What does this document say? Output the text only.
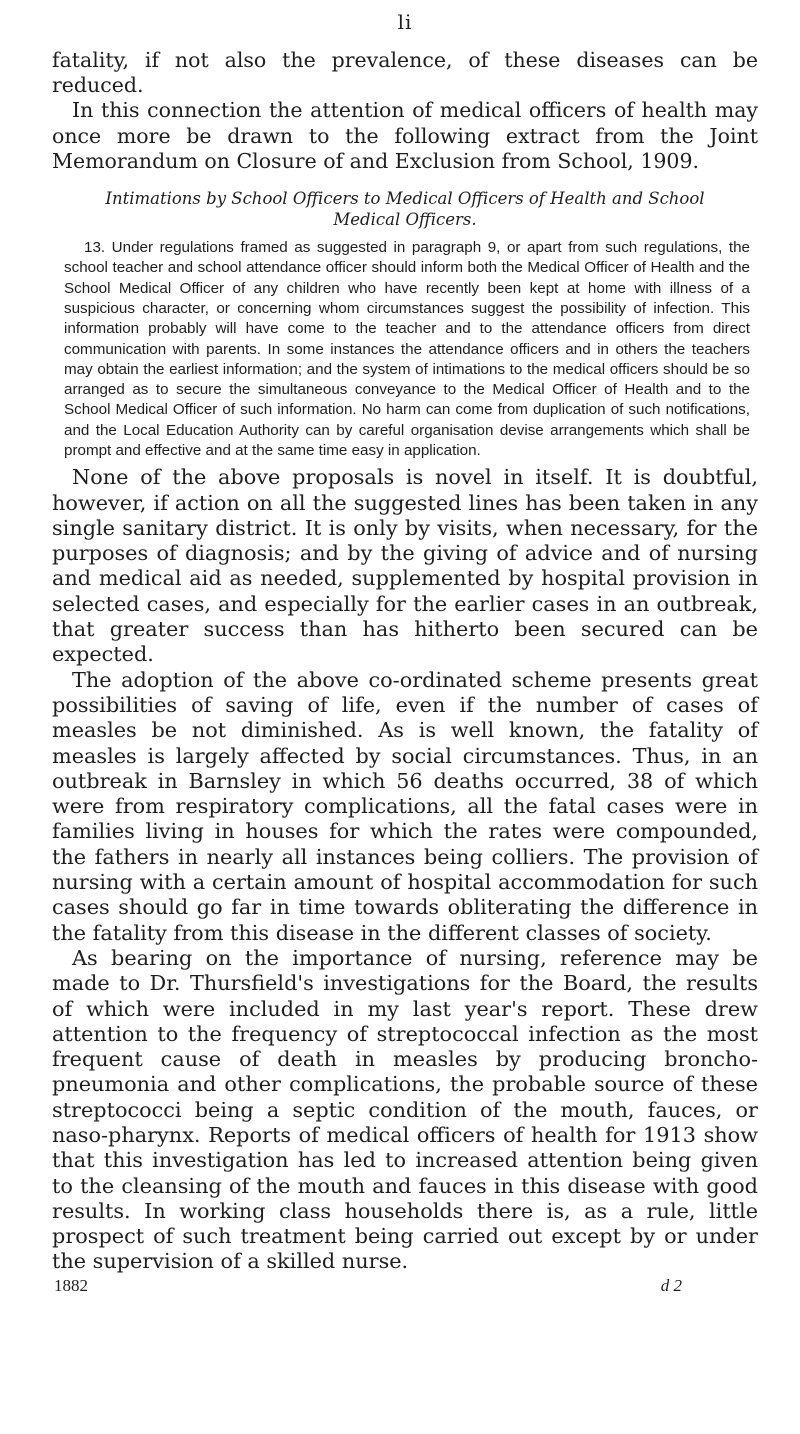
li

fatality, if not also the prevalence, of these diseases can be reduced.

In this connection the attention of medical officers of health may once more be drawn to the following extract from the Joint Memorandum on Closure of and Exclusion from School, 1909.

Intimations by School Officers to Medical Officers of Health and School Medical Officers.

13. Under regulations framed as suggested in paragraph 9, or apart from such regulations, the school teacher and school attendance officer should inform both the Medical Officer of Health and the School Medical Officer of any children who have recently been kept at home with illness of a suspicious character, or concerning whom circumstances suggest the possibility of infection. This information probably will have come to the teacher and to the attendance officers from direct communication with parents. In some instances the attendance officers and in others the teachers may obtain the earliest information; and the system of intimations to the medical officers should be so arranged as to secure the simultaneous conveyance to the Medical Officer of Health and to the School Medical Officer of such information. No harm can come from duplication of such notifications, and the Local Education Authority can by careful organisation devise arrangements which shall be prompt and effective and at the same time easy in application.

None of the above proposals is novel in itself. It is doubtful, however, if action on all the suggested lines has been taken in any single sanitary district. It is only by visits, when necessary, for the purposes of diagnosis; and by the giving of advice and of nursing and medical aid as needed, supplemented by hospital provision in selected cases, and especially for the earlier cases in an outbreak, that greater success than has hitherto been secured can be expected.

The adoption of the above co-ordinated scheme presents great possibilities of saving of life, even if the number of cases of measles be not diminished. As is well known, the fatality of measles is largely affected by social circumstances. Thus, in an outbreak in Barnsley in which 56 deaths occurred, 38 of which were from respiratory complications, all the fatal cases were in families living in houses for which the rates were compounded, the fathers in nearly all instances being colliers. The provision of nursing with a certain amount of hospital accommodation for such cases should go far in time towards obliterating the difference in the fatality from this disease in the different classes of society.

As bearing on the importance of nursing, reference may be made to Dr. Thursfield's investigations for the Board, the results of which were included in my last year's report. These drew attention to the frequency of streptococcal infection as the most frequent cause of death in measles by producing broncho-pneumonia and other complications, the probable source of these streptococci being a septic condition of the mouth, fauces, or naso-pharynx. Reports of medical officers of health for 1913 show that this investigation has led to increased attention being given to the cleansing of the mouth and fauces in this disease with good results. In working class households there is, as a rule, little prospect of such treatment being carried out except by or under the supervision of a skilled nurse.

1882	d 2
